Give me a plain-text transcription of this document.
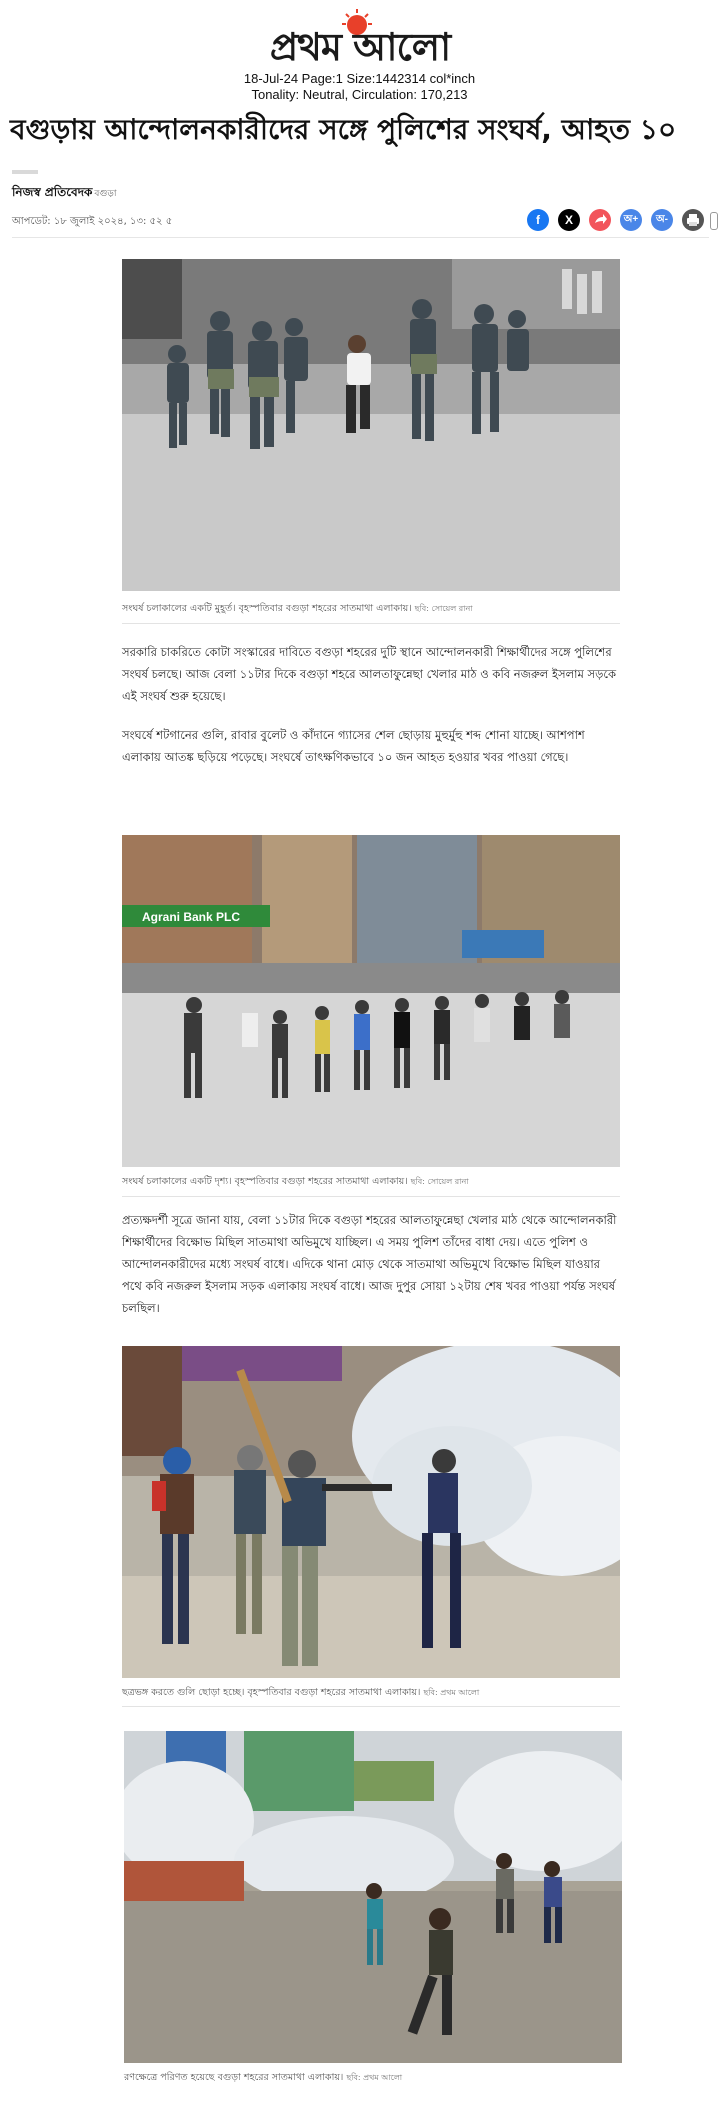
প্রথম আলো
18-Jul-24 Page:1 Size:1442314 col*inch
Tonality: Neutral, Circulation: 170,213
বগুড়ায় আন্দোলনকারীদের সঙ্গে পুলিশের সংঘর্ষ, আহত ১০
নিজস্ব প্রতিবেদক বগুড়া
আপডেট: ১৮ জুলাই ২০২৪, ১৩: ৫২ ৫	f	X	অ+	অ-
সংঘর্ষ চলাকালের একটি মুহূর্ত। বৃহস্পতিবার বগুড়া শহরের সাতমাথা এলাকায়। ছবি: সোয়েল রানা
সরকারি চাকরিতে কোটা সংস্কারের দাবিতে বগুড়া শহরের দুটি স্থানে আন্দোলনকারী শিক্ষার্থীদের সঙ্গে পুলিশের সংঘর্ষ চলছে। আজ বেলা ১১টার দিকে বগুড়া শহরে আলতাফুন্নেছা খেলার মাঠ ও কবি নজরুল ইসলাম সড়কে এই সংঘর্ষ শুরু হয়েছে।
সংঘর্ষে শটগানের গুলি, রাবার বুলেট ও কাঁদানে গ্যাসের শেল ছোড়ায় মুহুর্মুহু শব্দ শোনা যাচ্ছে। আশপাশ এলাকায় আতঙ্ক ছড়িয়ে পড়েছে। সংঘর্ষে তাৎক্ষণিকভাবে ১০ জন আহত হওয়ার খবর পাওয়া গেছে।
Agrani Bank PLC
সংঘর্ষ চলাকালের একটি দৃশ্য। বৃহস্পতিবার বগুড়া শহরের সাতমাথা এলাকায়। ছবি: সোয়েল রানা
প্রত্যক্ষদর্শী সূত্রে জানা যায়, বেলা ১১টার দিকে বগুড়া শহরের আলতাফুন্নেছা খেলার মাঠ থেকে আন্দোলনকারী শিক্ষার্থীদের বিক্ষোভ মিছিল সাতমাথা অভিমুখে যাচ্ছিল। এ সময় পুলিশ তাঁদের বাধা দেয়। এতে পুলিশ ও আন্দোলনকারীদের মধ্যে সংঘর্ষ বাধে। এদিকে থানা মোড় থেকে সাতমাথা অভিমুখে বিক্ষোভ মিছিল যাওয়ার পথে কবি নজরুল ইসলাম সড়ক এলাকায় সংঘর্ষ বাধে। আজ দুপুর সোয়া ১২টায় শেষ খবর পাওয়া পর্যন্ত সংঘর্ষ চলছিল।
ছত্রভঙ্গ করতে গুলি ছোড়া হচ্ছে। বৃহস্পতিবার বগুড়া শহরের সাতমাথা এলাকায়। ছবি: প্রথম আলো
রণক্ষেত্রে পরিণত হয়েছে বগুড়া শহরের সাতমাথা এলাকায়। ছবি: প্রথম আলো
